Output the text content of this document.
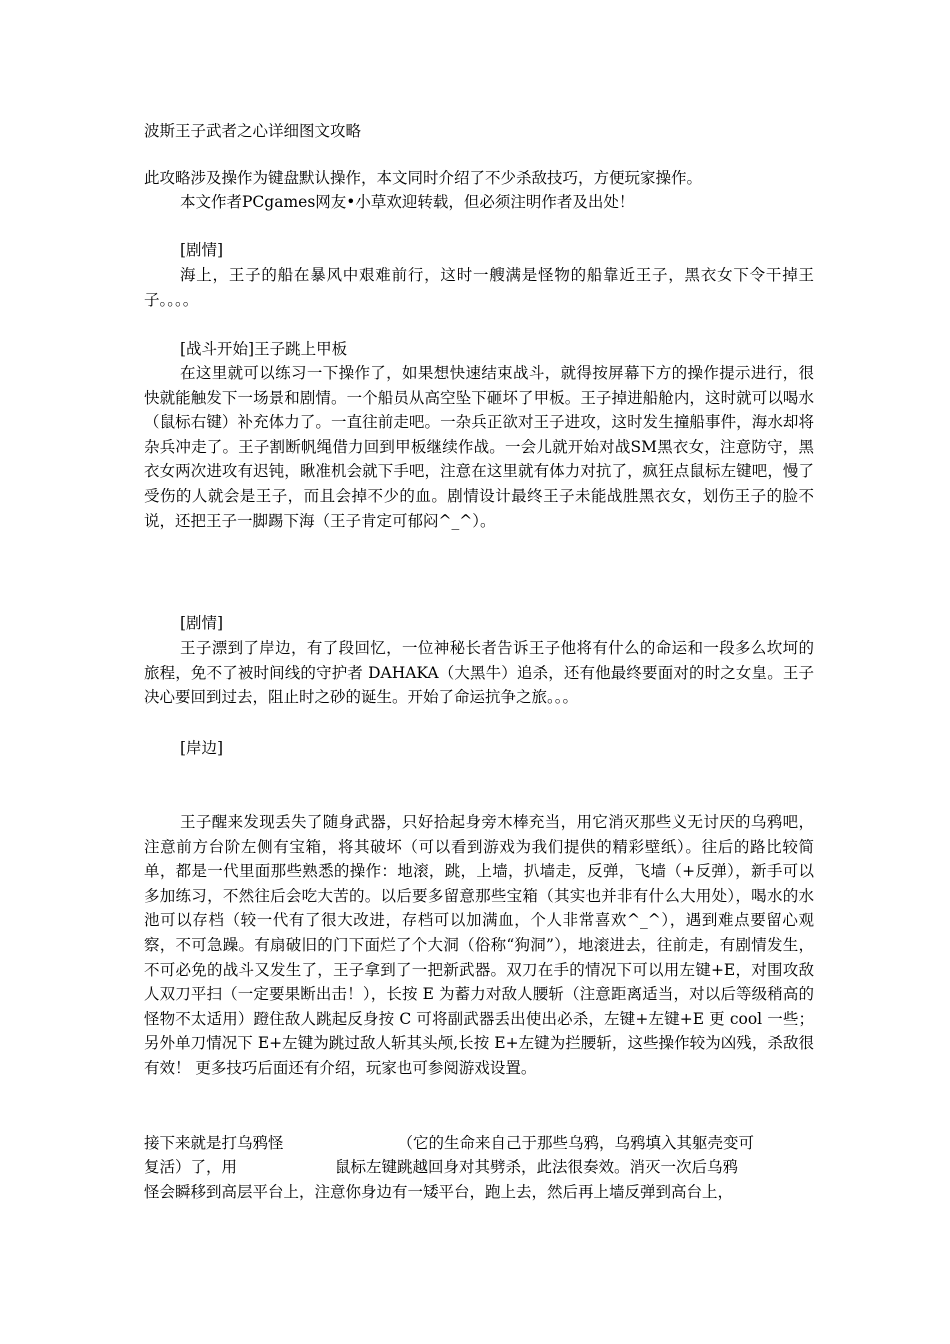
波斯王子武者之心详细图文攻略
此攻略涉及操作为键盘默认操作，本文同时介绍了不少杀敌技巧，方便玩家操作。
本文作者PCgames网友•小草欢迎转载，但必须注明作者及出处！
[剧情]
海上，王子的船在暴风中艰难前行，这时一艘满是怪物的船靠近王子，黑衣女下令干掉王子。。。。
[战斗开始]王子跳上甲板
在这里就可以练习一下操作了，如果想快速结束战斗，就得按屏幕下方的操作提示进行，很快就能触发下一场景和剧情。一个船员从高空坠下砸坏了甲板。王子掉进船舱内，这时就可以喝水（鼠标右键）补充体力了。一直往前走吧。一杂兵正欲对王子进攻，这时发生撞船事件，海水却将杂兵冲走了。王子割断帆绳借力回到甲板继续作战。一会儿就开始对战SM黑衣女，注意防守，黑衣女两次进攻有迟钝，瞅准机会就下手吧，注意在这里就有体力对抗了，疯狂点鼠标左键吧，慢了受伤的人就会是王子，而且会掉不少的血。剧情设计最终王子未能战胜黑衣女，划伤王子的脸不说，还把王子一脚踢下海（王子肯定可郁闷^_^）。
[剧情]
王子漂到了岸边，有了段回忆，一位神秘长者告诉王子他将有什么的命运和一段多么坎坷的旅程，免不了被时间线的守护者 DAHAKA（大黑牛）追杀，还有他最终要面对的时之女皇。王子决心要回到过去，阻止时之砂的诞生。开始了命运抗争之旅。。。
[岸边]
王子醒来发现丢失了随身武器，只好拾起身旁木棒充当，用它消灭那些义无讨厌的乌鸦吧，注意前方台阶左侧有宝箱，将其破坏（可以看到游戏为我们提供的精彩壁纸）。往后的路比较简单，都是一代里面那些熟悉的操作：地滚，跳，上墙，扒墙走，反弹，飞墙（+反弹），新手可以多加练习，不然往后会吃大苦的。以后要多留意那些宝箱（其实也并非有什么大用处），喝水的水池可以存档（较一代有了很大改进，存档可以加满血，个人非常喜欢^_^），遇到难点要留心观察，不可急躁。有扇破旧的门下面烂了个大洞（俗称“狗洞”），地滚进去，往前走，有剧情发生，不可必免的战斗又发生了，王子拿到了一把新武器。双刀在手的情况下可以用左键+E，对围攻敌人双刀平扫（一定要果断出击！），长按 E 为蓄力对敌人腰斩（注意距离适当，对以后等级稍高的怪物不太适用）蹬住敌人跳起反身按 C 可将副武器丢出使出必杀，左键+左键+E 更 cool 一些；另外单刀情况下 E+左键为跳过敌人斩其头颅,长按 E+左键为拦腰斩，这些操作较为凶残，杀敌很有效！ 更多技巧后面还有介绍，玩家也可参阅游戏设置。
接下来就是打乌鸦怪	（它的生命来自己于那些乌鸦，乌鸦填入其躯壳变可
复活）了，用	鼠标左键跳越回身对其劈杀，此法很奏效。消灭一次后乌鸦
怪会瞬移到高层平台上，注意你身边有一矮平台，跑上去，然后再上墙反弹到高台上，
